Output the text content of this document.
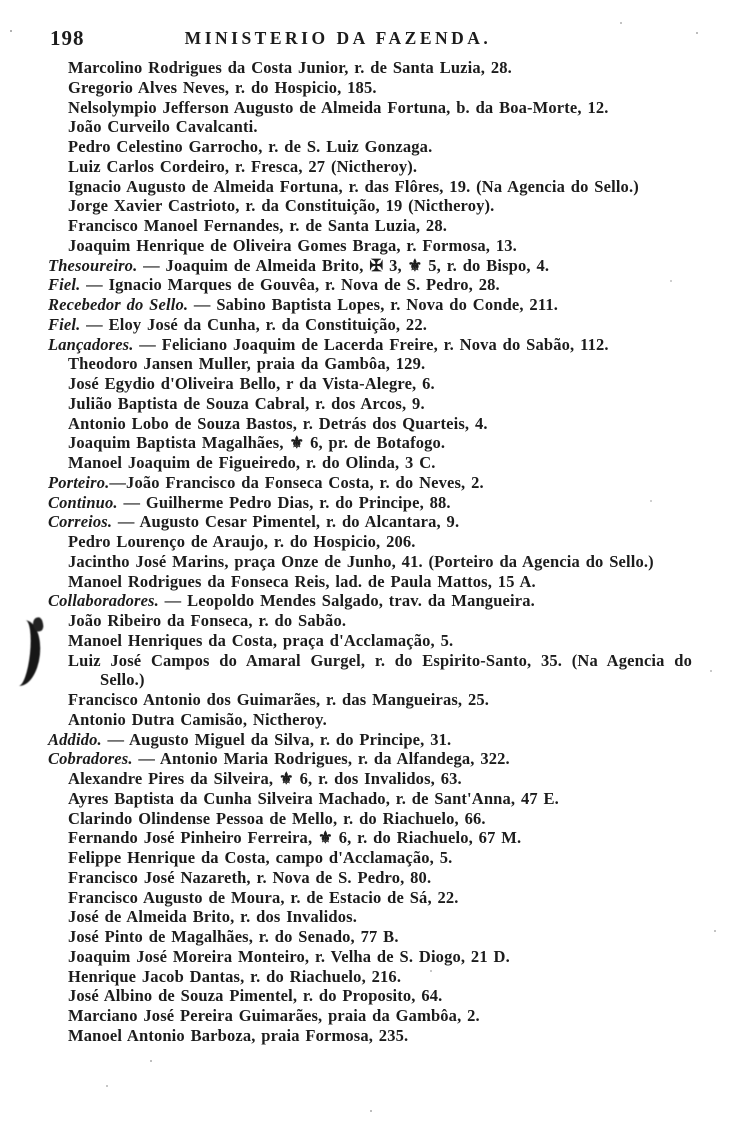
198	MINISTERIO DA FAZENDA.

Marcolino Rodrigues da Costa Junior, r. de Santa Luzia, 28.

Gregorio Alves Neves, r. do Hospicio, 185.

Nelsolympio Jefferson Augusto de Almeida Fortuna, b. da Boa-Morte, 12.

João Curveilo Cavalcanti.

Pedro Celestino Garrocho, r. de S. Luiz Gonzaga.

Luiz Carlos Cordeiro, r. Fresca, 27 (Nictheroy).

Ignacio Augusto de Almeida Fortuna, r. das Flôres, 19. (Na Agencia do Sello.)

Jorge Xavier Castrioto, r. da Constituição, 19 (Nictheroy).

Francisco Manoel Fernandes, r. de Santa Luzia, 28.

Joaquim Henrique de Oliveira Gomes Braga, r. Formosa, 13.

Thesoureiro. — Joaquim de Almeida Brito, ✠ 3, ⚜ 5, r. do Bispo, 4.

Fiel. — Ignacio Marques de Gouvêa, r. Nova de S. Pedro, 28.

Recebedor do Sello. — Sabino Baptista Lopes, r. Nova do Conde, 211.

Fiel. — Eloy José da Cunha, r. da Constituição, 22.

Lançadores. — Feliciano Joaquim de Lacerda Freire, r. Nova do Sabão, 112.

Theodoro Jansen Muller, praia da Gambôa, 129.

José Egydio d'Oliveira Bello, r da Vista-Alegre, 6.

Julião Baptista de Souza Cabral, r. dos Arcos, 9.

Antonio Lobo de Souza Bastos, r. Detrás dos Quarteis, 4.

Joaquim Baptista Magalhães, ⚜ 6, pr. de Botafogo.

Manoel Joaquim de Figueiredo, r. do Olinda, 3 C.

Porteiro.—João Francisco da Fonseca Costa, r. do Neves, 2.

Continuo. — Guilherme Pedro Dias, r. do Principe, 88.

Correios. — Augusto Cesar Pimentel, r. do Alcantara, 9.

Pedro Lourenço de Araujo, r. do Hospicio, 206.

Jacintho José Marins, praça Onze de Junho, 41. (Porteiro da Agencia do Sello.)

Manoel Rodrigues da Fonseca Reis, lad. de Paula Mattos, 15 A.

Collaboradores. — Leopoldo Mendes Salgado, trav. da Mangueira.

João Ribeiro da Fonseca, r. do Sabão.

Manoel Henriques da Costa, praça d'Acclamação, 5.

Luiz José Campos do Amaral Gurgel, r. do Espirito-Santo, 35. (Na Agencia do Sello.)

Francisco Antonio dos Guimarães, r. das Mangueiras, 25.

Antonio Dutra Camisão, Nictheroy.

Addido. — Augusto Miguel da Silva, r. do Principe, 31.

Cobradores. — Antonio Maria Rodrigues, r. da Alfandega, 322.

Alexandre Pires da Silveira, ⚜ 6, r. dos Invalidos, 63.

Ayres Baptista da Cunha Silveira Machado, r. de Sant'Anna, 47 E.

Clarindo Olindense Pessoa de Mello, r. do Riachuelo, 66.

Fernando José Pinheiro Ferreira, ⚜ 6, r. do Riachuelo, 67 M.

Felippe Henrique da Costa, campo d'Acclamação, 5.

Francisco José Nazareth, r. Nova de S. Pedro, 80.

Francisco Augusto de Moura, r. de Estacio de Sá, 22.

José de Almeida Brito, r. dos Invalidos.

José Pinto de Magalhães, r. do Senado, 77 B.

Joaquim José Moreira Monteiro, r. Velha de S. Diogo, 21 D.

Henrique Jacob Dantas, r. do Riachuelo, 216.

José Albino de Souza Pimentel, r. do Proposito, 64.

Marciano José Pereira Guimarães, praia da Gambôa, 2.

Manoel Antonio Barboza, praia Formosa, 235.
